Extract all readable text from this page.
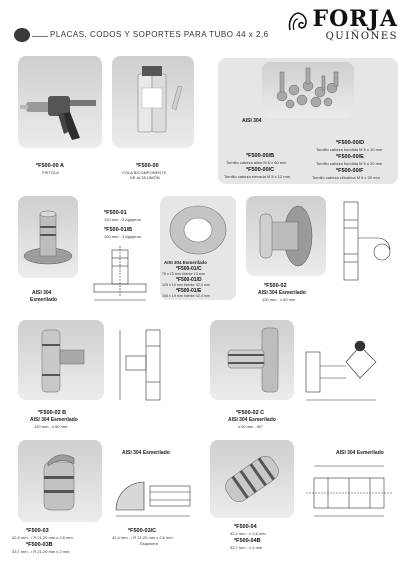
PLACAS, CODOS Y SOPORTES PARA TUBO 44 x 2,6
FORJA
QUIÑONES
*F500-00 A
PISTOLA
*F500-00
COLA BICOMPONENTE
DE ALTA UNIÓN
AISI 304
*F500-00/B
Tornillo cabeza allen M 6 x 60 mm
*F500-00/C
Tornillo cabeza elevada M 5 x 12 mm
*F500-00/D
Tornillo cabeza hundida M 6 x 10 mm
*F500-00/E
Tornillo cabeza hundida M 6 x 20 mm
*F500-00/F
Tornillo cabeza cilíndrica M 6 x 20 mm
AISI 304
Esmerilado
*F500-01
120 mm - 3 Agujeros
*F500-01/B
100 mm - 3 Agujeros
AISI 304 Esmerilado
*F500-01/C
76 x 13 mm interior 13 mm
*F500-01/D
125 x 10 mm interior 42,4 mm
*F500-01/E
105 x 19 mm interior 42,4 mm
*F500-02
AISI 304 Esmerilado
120 mm - x 50 mm
*F500-02 B
AISI 304 Esmerilado
120 mm - x 50 mm
*F500-02 C
AISI 304 Esmerilado
x 50 mm - 90°
AISI 304 Esmerilado
*F500-03
42,4 mm - / R 21,20 mm x 2,6 mm
*F500-03B
33,7 mm - / R 21,20 mm x 2 mm
*F500-03/C
42,4 mm - / R 21,20 mm x 2,6 mm
Esquinero
AISI 304 Esmerilado
*F500-04
42,4 mm - x 2,6 mm
*F500-04B
33,7 mm - x 2 mm
